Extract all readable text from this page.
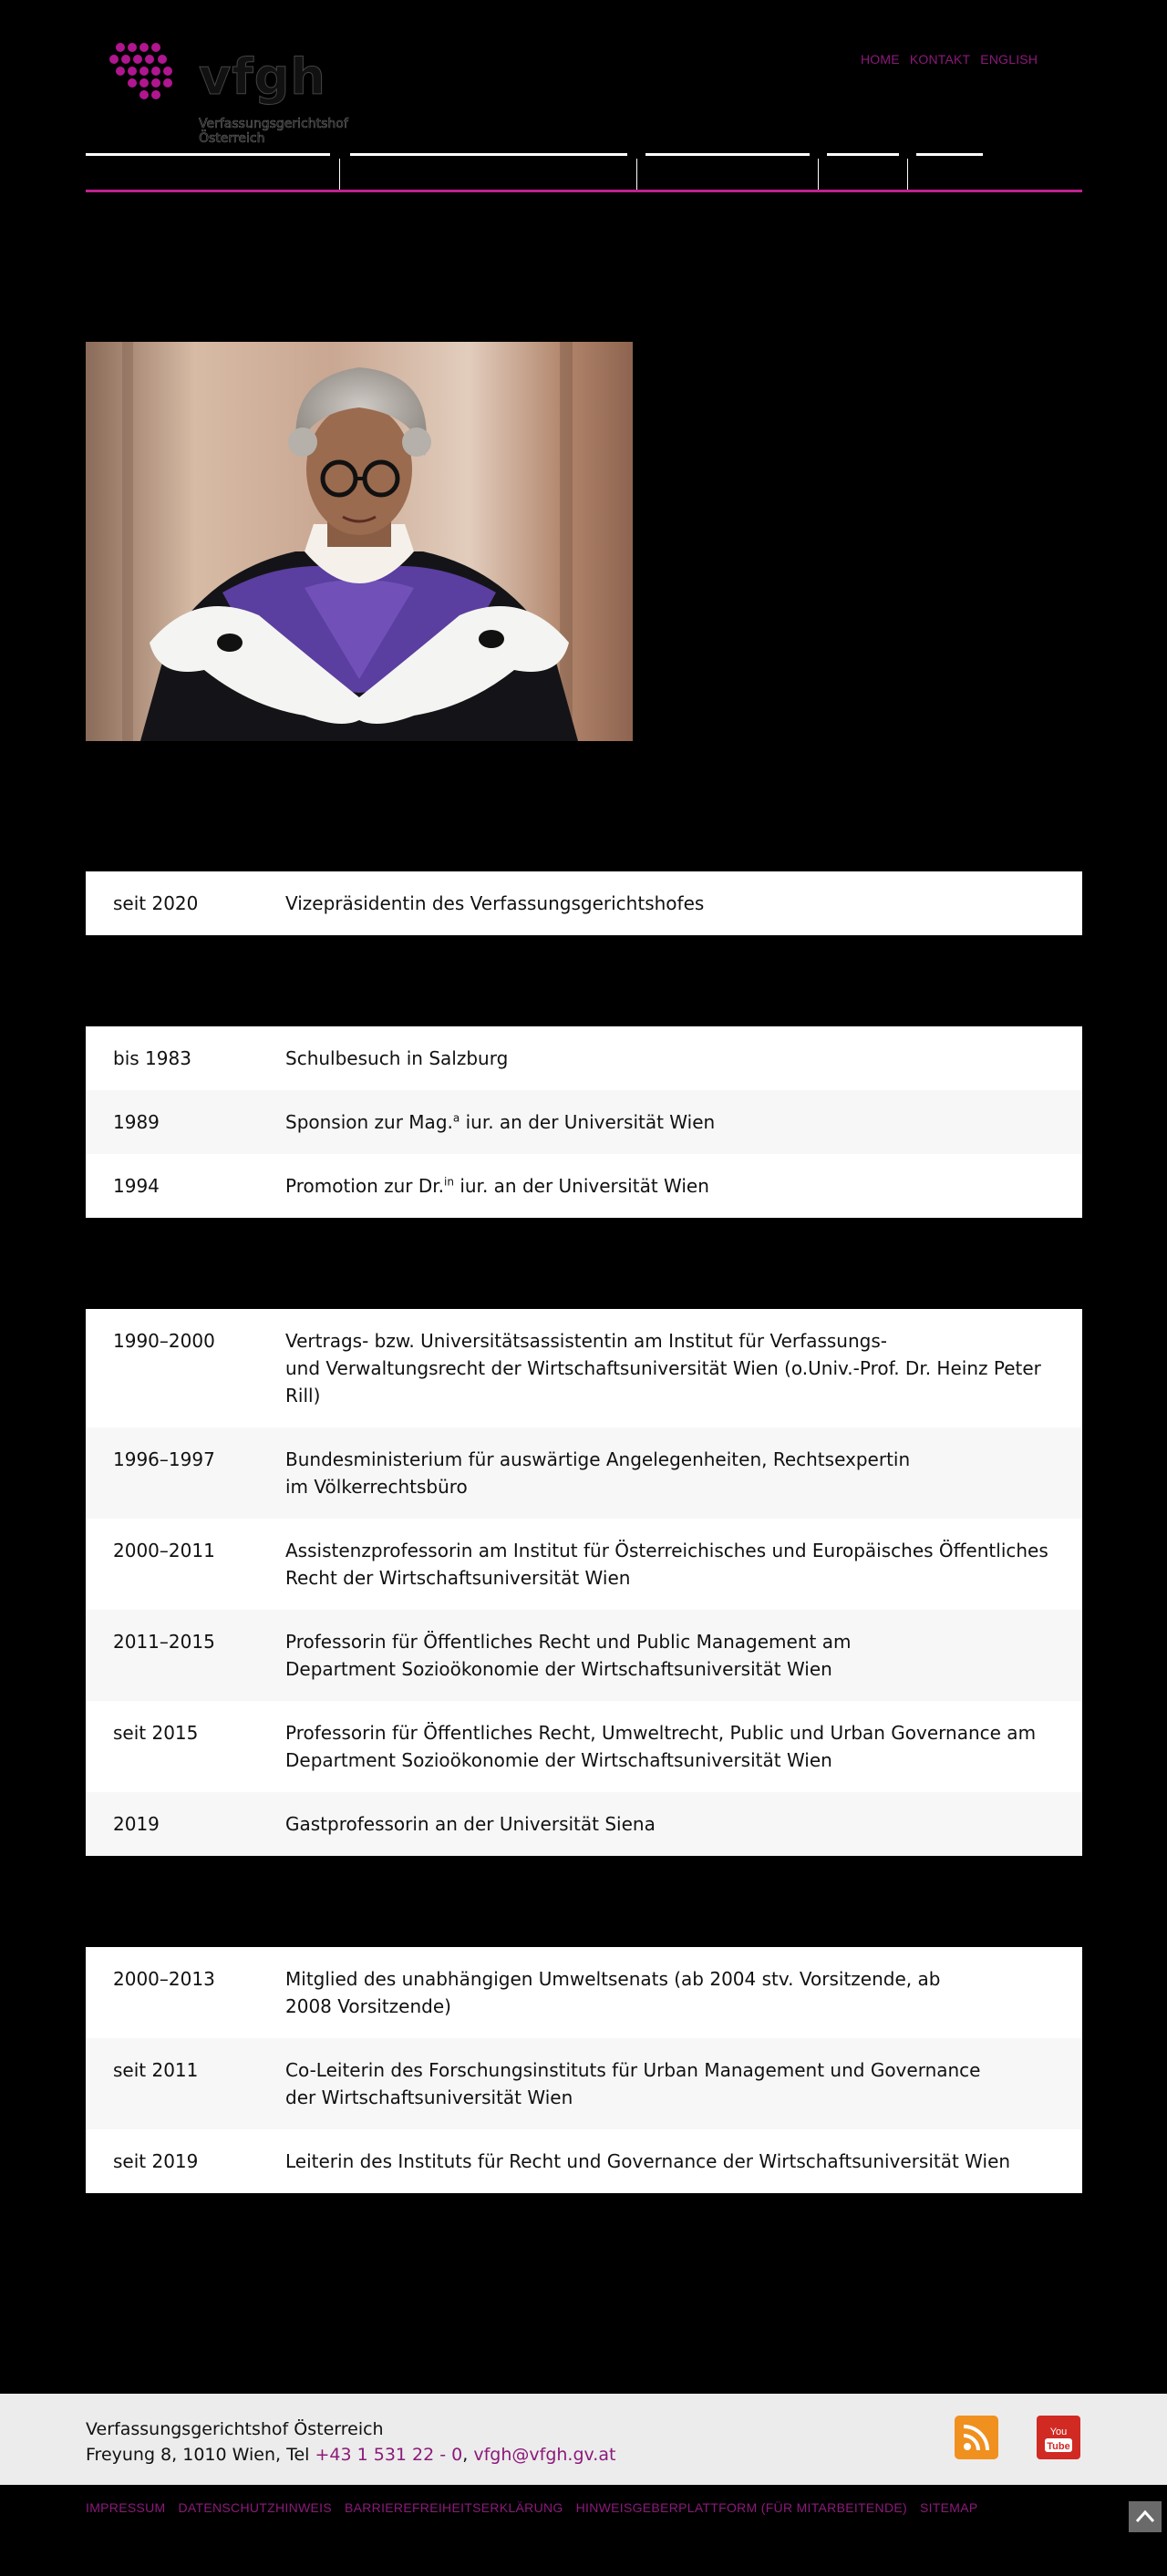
vfgh
Verfassungsgerichtshof
Österreich
HOME KONTAKT ENGLISH
seit 2020	Vizepräsidentin des Verfassungsgerichtshofes
bis 1983	Schulbesuch in Salzburg
1989	Sponsion zur Mag.$^a$ iur. an der Universität Wien
1994	Promotion zur Dr.$^{in}$ iur. an der Universität Wien
1990–2000	Vertrags- bzw. Universitätsassistentin am Institut für Verfassungs-
und Verwaltungsrecht der Wirtschaftsuniversität Wien (o.Univ.-Prof. Dr. Heinz Peter Rill)
1996–1997	Bundesministerium für auswärtige Angelegenheiten, Rechtsexpertin
im Völkerrechtsbüro
2000–2011	Assistenzprofessorin am Institut für Österreichisches und Europäisches Öffentliches Recht der Wirtschaftsuniversität Wien
2011–2015	Professorin für Öffentliches Recht und Public Management am
Department Sozioökonomie der Wirtschaftsuniversität Wien
seit 2015	Professorin für Öffentliches Recht, Umweltrecht, Public und Urban Governance am
Department Sozioökonomie der Wirtschaftsuniversität Wien
2019	Gastprofessorin an der Universität Siena
2000–2013	Mitglied des unabhängigen Umweltsenats (ab 2004 stv. Vorsitzende, ab
2008 Vorsitzende)
seit 2011	Co-Leiterin des Forschungsinstituts für Urban Management und Governance
der Wirtschaftsuniversität Wien
seit 2019	Leiterin des Instituts für Recht und Governance der Wirtschaftsuniversität Wien
Verfassungsgerichtshof Österreich
Freyung 8, 1010 Wien, Tel +43 1 531 22 - 0, vfgh@vfgh.gv.at
You
Tube
IMPRESSUM DATENSCHUTZHINWEIS BARRIEREFREIHEITSERKLÄRUNG HINWEISGEBERPLATTFORM (FÜR MITARBEITENDE) SITEMAP
